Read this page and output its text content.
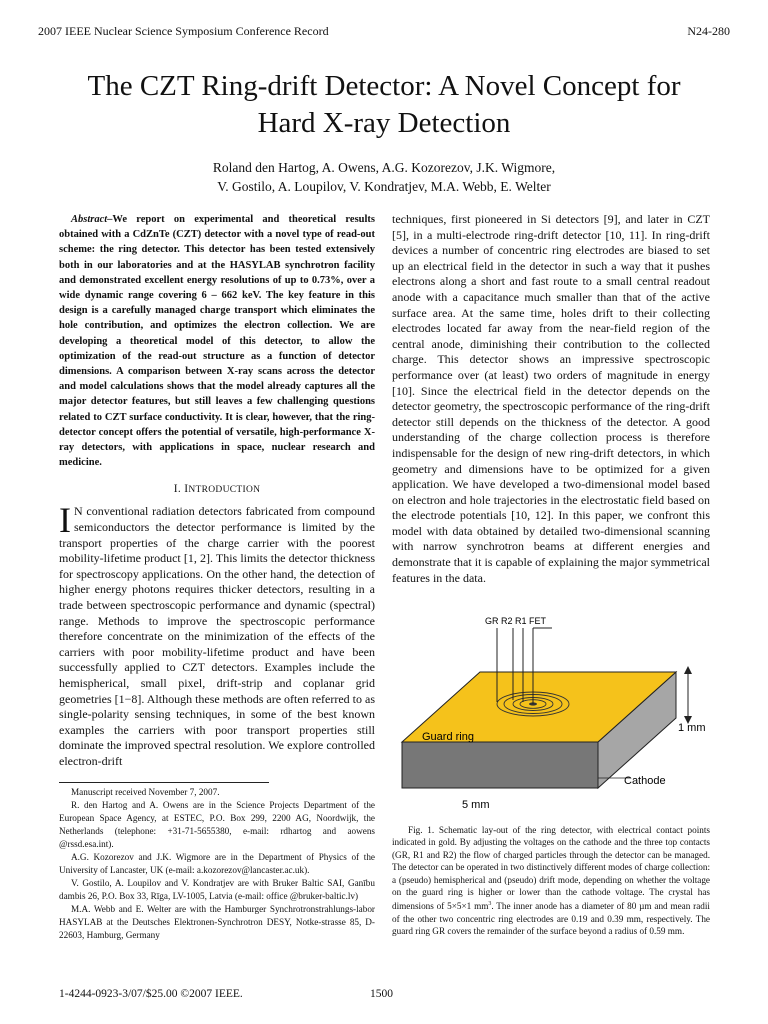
2007 IEEE Nuclear Science Symposium Conference Record	N24-280
The CZT Ring-drift Detector: A Novel Concept for
Hard X-ray Detection
Roland den Hartog, A. Owens, A.G. Kozorezov, J.K. Wigmore,
V. Gostilo, A. Loupilov, V. Kondratjev, M.A. Webb, E. Welter

Abstract–We report on experimental and theoretical results obtained with a CdZnTe (CZT) detector with a novel type of read-out scheme: the ring detector. This detector has been tested extensively both in our laboratories and at the HASYLAB synchrotron facility and demonstrated excellent energy resolutions of up to 0.73%, over a wide dynamic range covering 6 – 662 keV. The key feature in this design is a carefully managed charge transport which eliminates the hole contribution, and optimizes the electron collection. We are developing a theoretical model of this detector, to allow the optimization of the read-out structure as a function of detector dimensions. A comparison between X-ray scans across the detector and model calculations shows that the model already captures all the major detector features, but still leaves a few challenging questions related to CZT surface conductivity. It is clear, however, that the ring-detector concept offers the potential of versatile, high-performance X-ray detectors, with applications in space, nuclear research and medicine.

I. INTRODUCTION

I N conventional radiation detectors fabricated from compound semiconductors the detector performance is limited by the transport properties of the charge carrier with the poorest mobility-lifetime product [1, 2]. This limits the detector thickness for spectroscopy applications. On the other hand, the detection of higher energy photons requires thicker detectors, resulting in a trade between spectroscopic performance and dynamic (spectral) range. Methods to improve the spectroscopic performance therefore concentrate on the minimization of the effects of the carriers with poor mobility-lifetime product and have been successfully applied to CZT detectors. Examples include the hemispherical, small pixel, drift-strip and coplanar grid geometries [1−8]. Although these methods are often referred to as single-polarity sensing techniques, in some of the best known examples the carriers with poor transport properties still dominate the improved spectral resolution. We explore controlled electron-drift

Manuscript received November 7, 2007.

R. den Hartog and A. Owens are in the Science Projects Department of the European Space Agency, at ESTEC, P.O. Box 299, 2200 AG, Noordwijk, the Netherlands (telephone: +31-71-5655380, e-mail: rdhartog and aowens @rssd.esa.int).

A.G. Kozorezov and J.K. Wigmore are in the Department of Physics of the University of Lancaster, UK (e-mail: a.kozorezov@lancaster.ac.uk).

V. Gostilo, A. Loupilov and V. Kondratjev are with Bruker Baltic SAI, Ganību dambis 26, P.O. Box 33, Rīga, LV-1005, Latvia (e-mail: office @bruker-baltic.lv)

M.A. Webb and E. Welter are with the Hamburger Synchrotronstrahlungs-labor HASYLAB at the Deutsches Elektronen-Synchrotron DESY, Notke-strasse 85, D-22603, Hamburg, Germany

techniques, first pioneered in Si detectors [9], and later in CZT [5], in a multi-electrode ring-drift detector [10, 11]. In ring-drift devices a number of concentric ring electrodes are biased to set up an electrical field in the detector in such a way that it pushes electrons along a short and fast route to a small central readout anode with a capacitance much smaller than that of the active surface area. At the same time, holes drift to their collecting electrodes located far away from the near-field region of the central anode, diminishing their contribution to the collected charge. This detector shows an impressive spectroscopic performance over (at least) two orders of magnitude in energy [10]. Since the electrical field in the detector depends on the detector geometry, the spectroscopic performance of the ring-drift detector still depends on the thickness of the detector. A good understanding of the charge collection process is therefore indispensable for the design of new ring-drift detectors, in which geometry and dimensions have to be optimized for a given application. We have developed a two-dimensional model based on electron and hole trajectories in the electrostatic field based on the electrode potentials [10, 12]. In this paper, we confront this model with data obtained by detailed two-dimensional scanning with narrow synchrotron beams at different energies and demonstrate that it is capable of explaining the major symmetrical features in the data.

GR R2 R1 FET
1 mm
Guard ring
Cathode
5 mm

Fig. 1. Schematic lay-out of the ring detector, with electrical contact points indicated in gold. By adjusting the voltages on the cathode and the three top contacts (GR, R1 and R2) the flow of charged particles through the detector can be managed. The detector can be operated in two distinctively different modes of charge collection: a (pseudo) hemispherical and (pseudo) drift mode, depending on whether the voltage on the guard ring is higher or lower than the cathode voltage. The crystal has dimensions of 5×5×1 $mm^3$. The inner anode has a diameter of 80 µm and mean radii of the other two concentric ring electrodes are 0.19 and 0.39 mm, respectively. The guard ring GR covers the remainder of the surface beyond a radius of 0.59 mm.

1-4244-0923-3/07/$25.00 ©2007 IEEE.	1500
